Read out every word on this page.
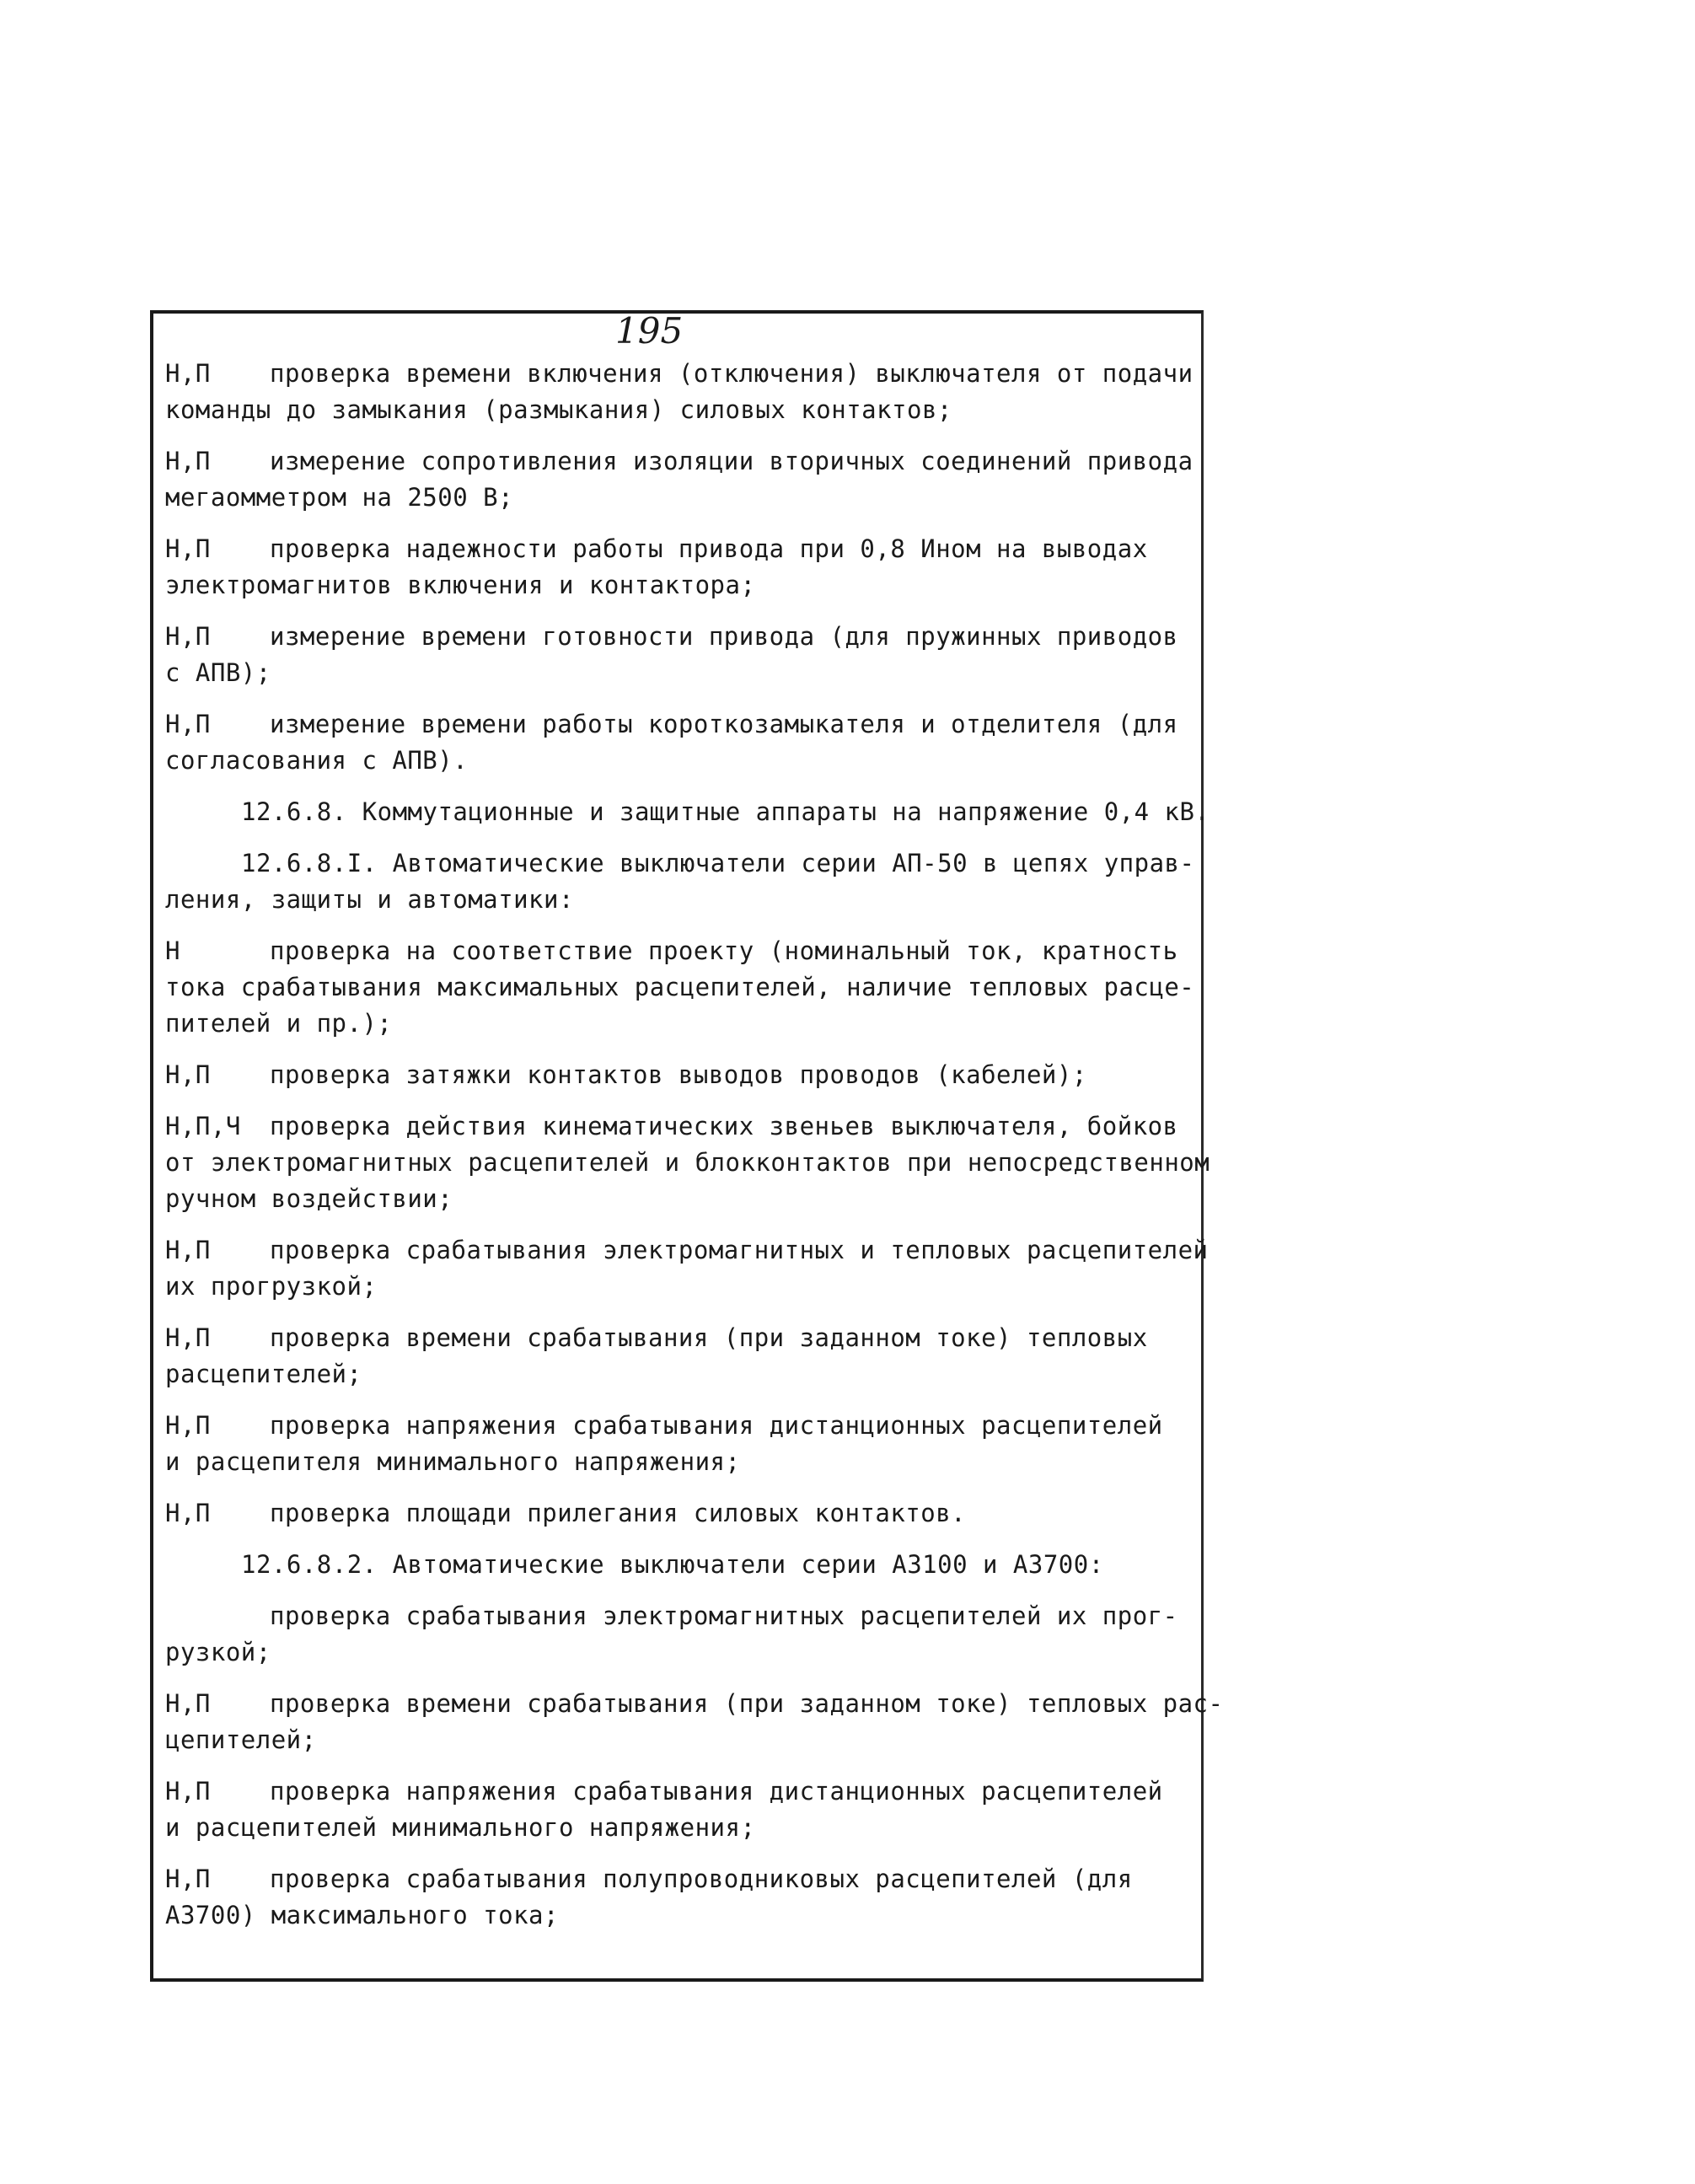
195
Н,П	проверка времени включения (отключения) выключателя от подачи
команды до замыкания (размыкания) силовых контактов;
Н,П	измерение сопротивления изоляции вторичных соединений привода
мегаомметром на 2500 В;
Н,П	проверка надежности работы привода при 0,8 Ином на выводах
электромагнитов включения и контактора;
Н,П	измерение времени готовности привода (для пружинных приводов
с АПВ);
Н,П	измерение времени работы короткозамыкателя и отделителя (для
согласования с АПВ).
12.6.8. Коммутационные и защитные аппараты на напряжение 0,4 кВ.
12.6.8.I. Автоматические выключатели серии АП-50 в цепях управ-
ления, защиты и автоматики:
Н	проверка на соответствие проекту (номинальный ток, кратность
тока срабатывания максимальных расцепителей, наличие тепловых расце-
пителей и пр.);
Н,П	проверка затяжки контактов выводов проводов (кабелей);
Н,П,Ч	проверка действия кинематических звеньев выключателя, бойков
от электромагнитных расцепителей и блокконтактов при непосредственном
ручном воздействии;
Н,П	проверка срабатывания электромагнитных и тепловых расцепителей
их прогрузкой;
Н,П	проверка времени срабатывания (при заданном токе) тепловых
расцепителей;
Н,П	проверка напряжения срабатывания дистанционных расцепителей
и расцепителя минимального напряжения;
Н,П	проверка площади прилегания силовых контактов.
12.6.8.2. Автоматические выключатели серии А3100 и А3700:
проверка срабатывания электромагнитных расцепителей их прог-
рузкой;
Н,П	проверка времени срабатывания (при заданном токе) тепловых рас-
цепителей;
Н,П	проверка напряжения срабатывания дистанционных расцепителей
и расцепителей минимального напряжения;
Н,П	проверка срабатывания полупроводниковых расцепителей (для
А3700) максимального тока;
